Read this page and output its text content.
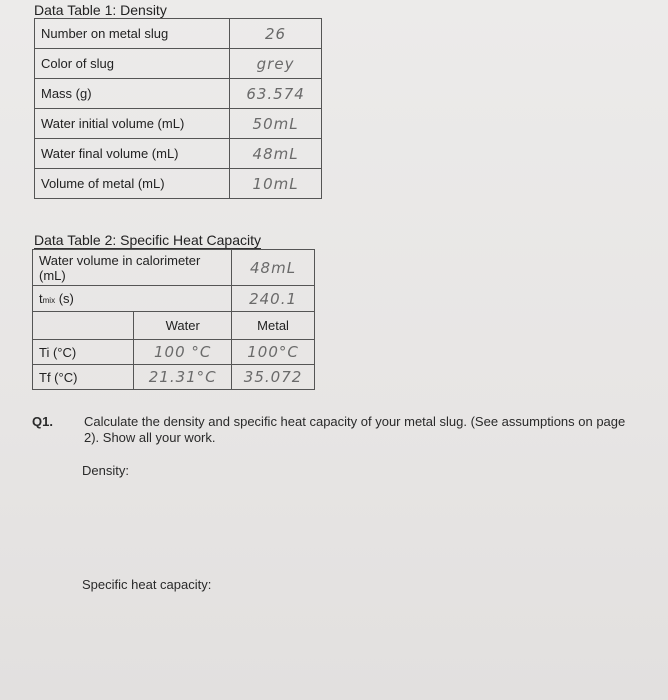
Data Table 1: Density
Number on metal slug	26
Color of slug	grey
Mass (g)	63.574
Water initial volume (mL)	50mL
Water final volume (mL)	48mL
Volume of metal (mL)	10mL
Data Table 2: Specific Heat Capacity
Water volume in calorimeter (mL)		48mL
tmix (s)		240.1
	Water	Metal
Ti (°C)	100 °C	100°C
Tf (°C)	21.31°C	35.072
Q1. Calculate the density and specific heat capacity of your metal slug. (See assumptions on page 2). Show all your work.
Density:
Specific heat capacity:
